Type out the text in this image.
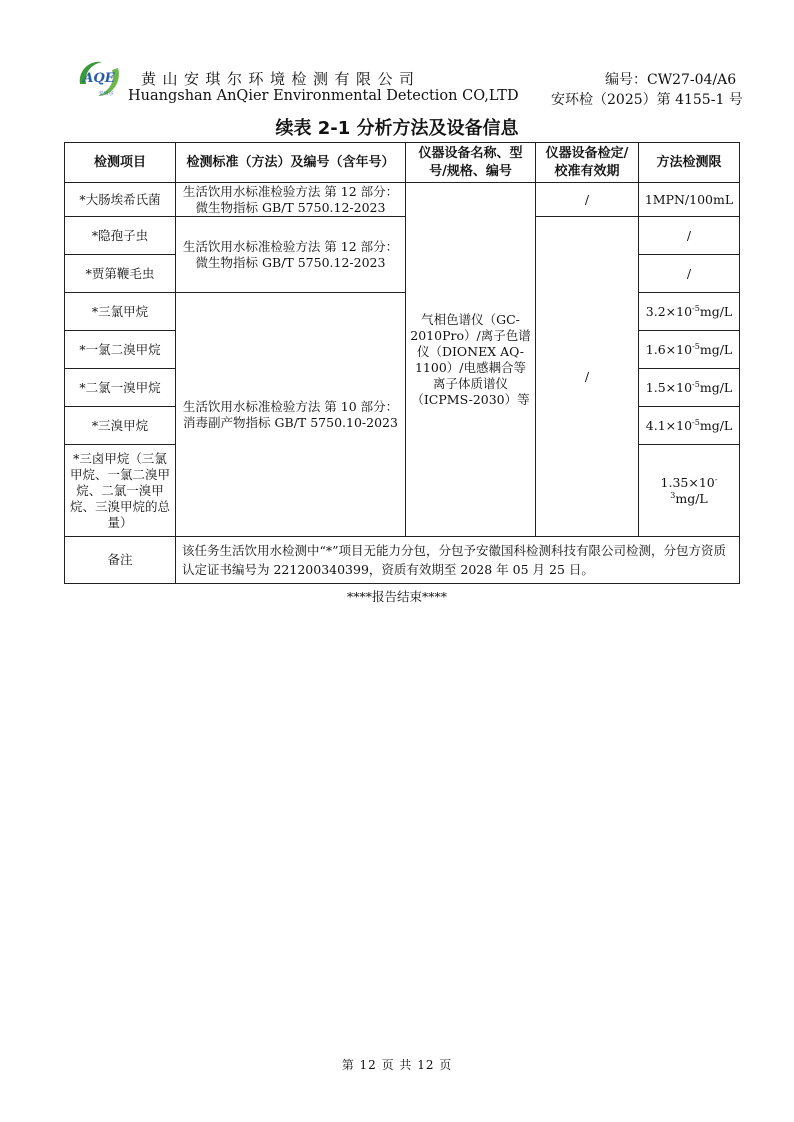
AQE
安琪尔
黄山安琪尔环境检测有限公司
Huangshan AnQier Environmental Detection CO,LTD
编号：CW27-04/A6
安环检（2025）第 4155-1 号
续表 2-1 分析方法及设备信息
检测项目	检测标准（方法）及编号（含年号）	仪器设备名称、型号/规格、编号	仪器设备检定/校准有效期	方法检测限
*大肠埃希氏菌	生活饮用水标准检验方法 第 12 部分：微生物指标 GB/T 5750.12-2023	气相色谱仪（GC-2010Pro）/离子色谱仪（DIONEX AQ-1100）/电感耦合等离子体质谱仪（ICPMS-2030）等	/	1MPN/100mL
*隐孢子虫	生活饮用水标准检验方法 第 12 部分：微生物指标 GB/T 5750.12-2023		/	/
*贾第鞭毛虫				/
*三氯甲烷	生活饮用水标准检验方法 第 10 部分：消毒副产物指标 GB/T 5750.10-2023			$3.2\times 10^{-5}mg/L$
*一氯二溴甲烷				$1.6\times 10^{-5}mg/L$
*二氯一溴甲烷				$1.5\times 10^{-5}mg/L$
*三溴甲烷				$4.1\times 10^{-5}mg/L$
*三卤甲烷（三氯甲烷、一氯二溴甲烷、二氯一溴甲烷、三溴甲烷的总量）				$1.35\times 10^{-3}mg/L$
备注	该任务生活饮用水检测中“*”项目无能力分包，分包予安徽国科检测科技有限公司检测，分包方资质认定证书编号为 221200340399，资质有效期至 2028 年 05 月 25 日。			
****报告结束****
第 12 页 共 12 页
